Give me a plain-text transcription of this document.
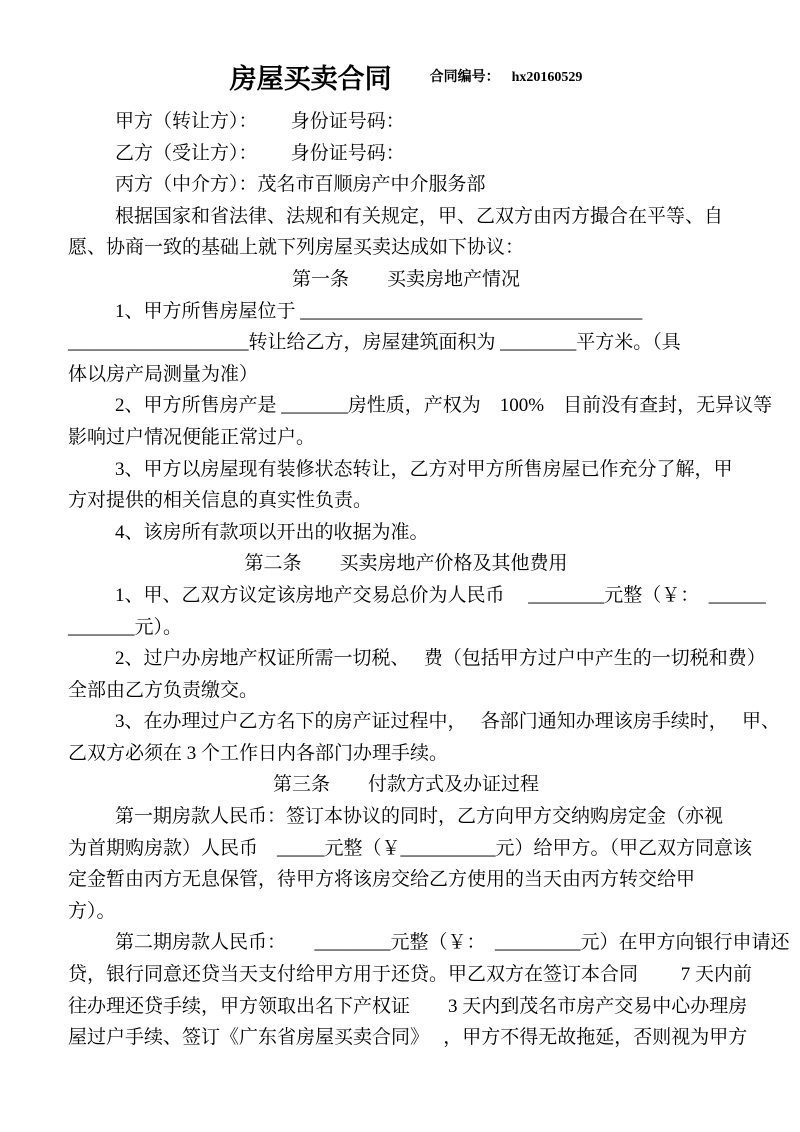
房屋买卖合同	合同编号： hx20160529
甲方（转让方）：　　 身份证号码：
乙方（受让方）：　　 身份证号码：
丙方（中介方）：茂名市百顺房产中介服务部
根据国家和省法律、法规和有关规定，甲、乙双方由丙方撮合在平等、自
愿、协商一致的基础上就下列房屋买卖达成如下协议：
第一条　　买卖房地产情况
1、甲方所售房屋位于 ____________________________________
___________________转让给乙方，房屋建筑面积为 ________平方米。（具
体以房产局测量为准）
2、甲方所售房产是 _______房性质，产权为　100%　目前没有查封，无异议等
影响过户情况便能正常过户。
3、甲方以房屋现有装修状态转让，乙方对甲方所售房屋已作充分了解，甲
方对提供的相关信息的真实性负责。
4、该房所有款项以开出的收据为准。
第二条　　买卖房地产价格及其他费用
1、甲、乙双方议定该房地产交易总价为人民币　 ________元整（￥：　______
_______元）。
2、过户办房地产权证所需一切税、　 费（包括甲方过户中产生的一切税和费）
全部由乙方负责缴交。
3、在办理过户乙方名下的房产证过程中，　 各部门通知办理该房手续时，　 甲、
乙双方必须在 3 个工作日内各部门办理手续。
第三条　　付款方式及办证过程
第一期房款人民币：签订本协议的同时，乙方向甲方交纳购房定金（亦视
为首期购房款）人民币　_____元整（￥__________元）给甲方。（甲乙双方同意该
定金暂由丙方无息保管，待甲方将该房交给乙方使用的当天由丙方转交给甲
方）。
第二期房款人民币：　　________元整（￥：　_________元）在甲方向银行申请还
贷，银行同意还贷当天支付给甲方用于还贷。甲乙双方在签订本合同　　 7 天内前
往办理还贷手续，甲方领取出名下产权证　　3 天内到茂名市房产交易中心办理房
屋过户手续、签订《广东省房屋买卖合同》　 ，甲方不得无故拖延，否则视为甲方
